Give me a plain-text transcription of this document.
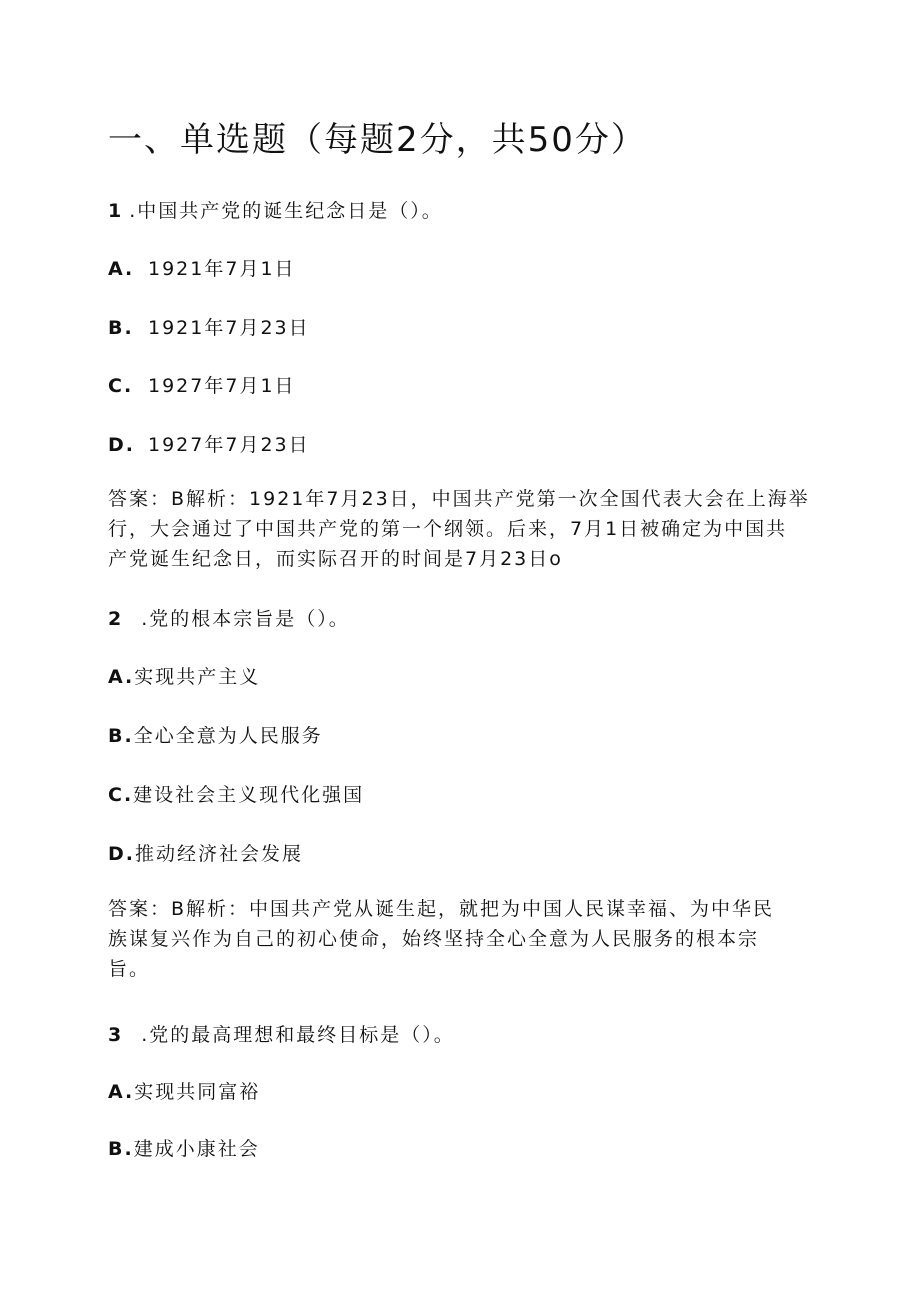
一、单选题（每题2分，共50分）
1 .中国共产党的诞生纪念日是（）。
A. 1921年7月1日
B. 1921年7月23日
C. 1927年7月1日
D. 1927年7月23日

答案：B解析：1921年7月23日，中国共产党第一次全国代表大会在上海举

行，大会通过了中国共产党的第一个纲领。后来，7月1日被确定为中国共

产党诞生纪念日，而实际召开的时间是7月23日o

2 .党的根本宗旨是（）。
A.实现共产主义
B.全心全意为人民服务
C.建设社会主义现代化强国
D.推动经济社会发展

答案：B解析：中国共产党从诞生起，就把为中国人民谋幸福、为中华民

族谋复兴作为自己的初心使命，始终坚持全心全意为人民服务的根本宗

旨。

3 .党的最高理想和最终目标是（）。
A.实现共同富裕
B.建成小康社会
